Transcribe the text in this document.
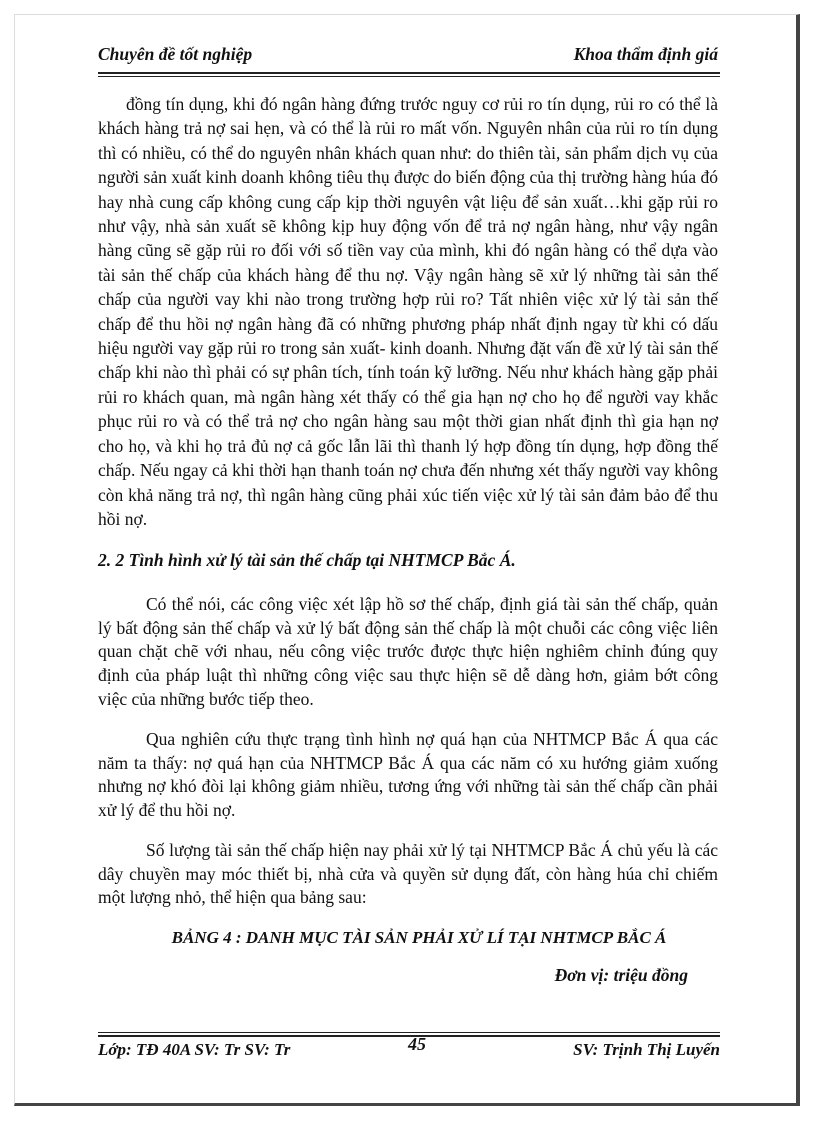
Chuyên đề tốt nghiệp	Khoa thẩm định giá

đồng tín dụng, khi đó ngân hàng đứng trước nguy cơ rủi ro tín dụng, rủi ro có thể là khách hàng trả nợ sai hẹn, và có thể là rủi ro mất vốn. Nguyên nhân của rủi ro tín dụng thì có nhiều, có thể do nguyên nhân khách quan như: do thiên tài, sản phẩm dịch vụ của người sản xuất kinh doanh không tiêu thụ được do biến động của thị trường hàng húa đó hay nhà cung cấp không cung cấp kịp thời nguyên vật liệu để sản xuất…khi gặp rủi ro như vậy, nhà sản xuất sẽ không kịp huy động vốn để trả nợ ngân hàng, như vậy ngân hàng cũng sẽ gặp rủi ro đối với số tiền vay của mình, khi đó ngân hàng có thể dựa vào tài sản thế chấp của khách hàng để thu nợ. Vậy ngân hàng sẽ xử lý những tài sản thế chấp của người vay khi nào trong trường hợp rủi ro? Tất nhiên việc xử lý tài sản thế chấp để thu hồi nợ ngân hàng đã có những phương pháp nhất định ngay từ khi có dấu hiệu người vay gặp rủi ro trong sản xuất- kinh doanh. Nhưng đặt vấn đề xử lý tài sản thế chấp khi nào thì phải có sự phân tích, tính toán kỹ lưỡng. Nếu như khách hàng gặp phải rủi ro khách quan, mà ngân hàng xét thấy có thể gia hạn nợ cho họ để người vay khắc phục rủi ro và có thể trả nợ cho ngân hàng sau một thời gian nhất định thì gia hạn nợ cho họ, và khi họ trả đủ nợ cả gốc lẫn lãi thì thanh lý hợp đồng tín dụng, hợp đồng thế chấp. Nếu ngay cả khi thời hạn thanh toán nợ chưa đến nhưng xét thấy người vay không còn khả năng trả nợ, thì ngân hàng cũng phải xúc tiến việc xử lý tài sản đảm bảo để thu hồi nợ.

2. 2 Tình hình xử lý tài sản thế chấp tại NHTMCP Bắc Á.

Có thể nói, các công việc xét lập hồ sơ thế chấp, định giá tài sản thế chấp, quản lý bất động sản thế chấp và xử lý bất động sản thế chấp là một chuỗi các công việc liên quan chặt chẽ với nhau, nếu công việc trước được thực hiện nghiêm chỉnh đúng quy định của pháp luật thì những công việc sau thực hiện sẽ dễ dàng hơn, giảm bớt công việc của những bước tiếp theo.

Qua nghiên cứu thực trạng tình hình nợ quá hạn của NHTMCP Bắc Á qua các năm ta thấy: nợ quá hạn của NHTMCP Bắc Á qua các năm có xu hướng giảm xuống nhưng nợ khó đòi lại không giảm nhiều, tương ứng với những tài sản thế chấp cần phải xử lý để thu hồi nợ.

Số lượng tài sản thế chấp hiện nay phải xử lý tại NHTMCP Bắc Á chủ yếu là các dây chuyền may móc thiết bị, nhà cửa và quyền sử dụng đất, còn hàng húa chỉ chiếm một lượng nhỏ, thể hiện qua bảng sau:

BẢNG 4 : DANH MỤC TÀI SẢN PHẢI XỬ LÍ TẠI NHTMCP BẮC Á

Đơn vị: triệu đồng

Lớp: TĐ 40A SV: Tr SV: Tr	45	SV: Trịnh Thị Luyến
